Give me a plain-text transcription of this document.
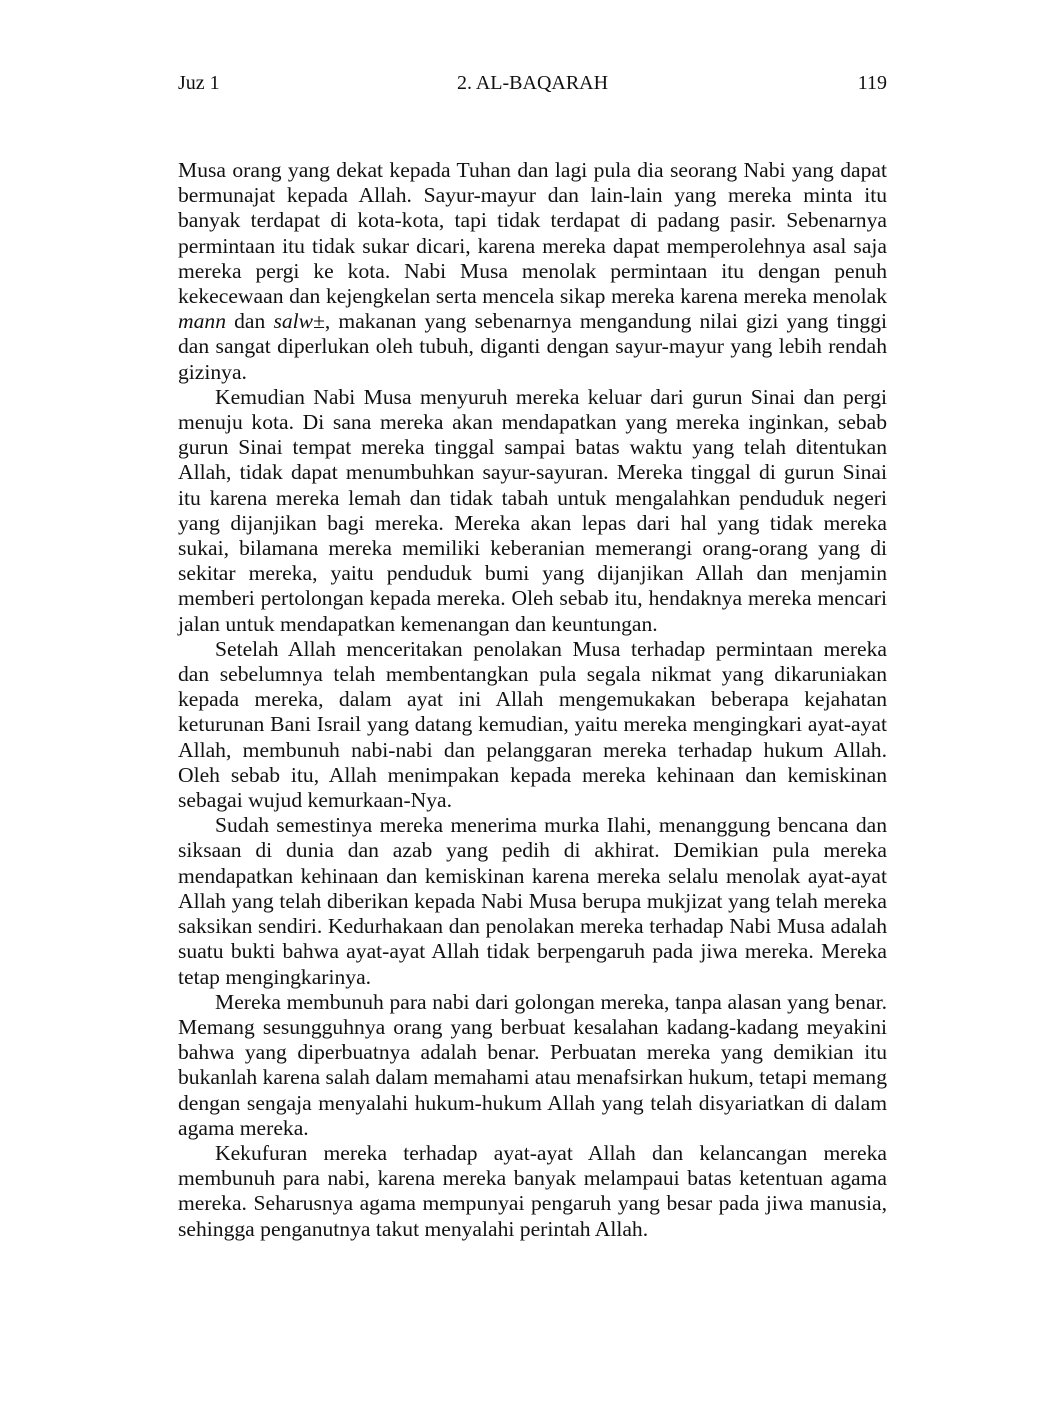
Juz 1	2. AL-BAQARAH	119

Musa orang yang dekat kepada Tuhan dan lagi pula dia seorang Nabi yang dapat bermunajat kepada Allah. Sayur-mayur dan lain-lain yang mereka minta itu banyak terdapat di kota-kota, tapi tidak terdapat di padang pasir. Sebenarnya permintaan itu tidak sukar dicari, karena mereka dapat memperolehnya asal saja mereka pergi ke kota. Nabi Musa menolak permintaan itu dengan penuh kekecewaan dan kejengkelan serta mencela sikap mereka karena mereka menolak mann dan salw±, makanan yang sebenarnya mengandung nilai gizi yang tinggi dan sangat diperlukan oleh tubuh, diganti dengan sayur-mayur yang lebih rendah gizinya.

Kemudian Nabi Musa menyuruh mereka keluar dari gurun Sinai dan pergi menuju kota. Di sana mereka akan mendapatkan yang mereka inginkan, sebab gurun Sinai tempat mereka tinggal sampai batas waktu yang telah ditentukan Allah, tidak dapat menumbuhkan sayur-sayuran. Mereka tinggal di gurun Sinai itu karena mereka lemah dan tidak tabah untuk mengalahkan penduduk negeri yang dijanjikan bagi mereka. Mereka akan lepas dari hal yang tidak mereka sukai, bilamana mereka memiliki keberanian memerangi orang-orang yang di sekitar mereka, yaitu penduduk bumi yang dijanjikan Allah dan menjamin memberi pertolongan kepada mereka. Oleh sebab itu, hendaknya mereka mencari jalan untuk mendapatkan kemenangan dan keuntungan.

Setelah Allah menceritakan penolakan Musa terhadap permintaan mereka dan sebelumnya telah membentangkan pula segala nikmat yang dikaruniakan kepada mereka, dalam ayat ini Allah mengemukakan beberapa kejahatan keturunan Bani Israil yang datang kemudian, yaitu mereka mengingkari ayat-ayat Allah, membunuh nabi-nabi dan pelanggaran mereka terhadap hukum Allah. Oleh sebab itu, Allah menimpakan kepada mereka kehinaan dan kemiskinan sebagai wujud kemurkaan-Nya.

Sudah semestinya mereka menerima murka Ilahi, menanggung bencana dan siksaan di dunia dan azab yang pedih di akhirat. Demikian pula mereka mendapatkan kehinaan dan kemiskinan karena mereka selalu menolak ayat-ayat Allah yang telah diberikan kepada Nabi Musa berupa mukjizat yang telah mereka saksikan sendiri. Kedurhakaan dan penolakan mereka terhadap Nabi Musa adalah suatu bukti bahwa ayat-ayat Allah tidak berpengaruh pada jiwa mereka. Mereka tetap mengingkarinya.

Mereka membunuh para nabi dari golongan mereka, tanpa alasan yang benar. Memang sesungguhnya orang yang berbuat kesalahan kadang-kadang meyakini bahwa yang diperbuatnya adalah benar. Perbuatan mereka yang demikian itu bukanlah karena salah dalam memahami atau menafsirkan hukum, tetapi memang dengan sengaja menyalahi hukum-hukum Allah yang telah disyariatkan di dalam agama mereka.

Kekufuran mereka terhadap ayat-ayat Allah dan kelancangan mereka membunuh para nabi, karena mereka banyak melampaui batas ketentuan agama mereka. Seharusnya agama mempunyai pengaruh yang besar pada jiwa manusia, sehingga penganutnya takut menyalahi perintah Allah.
